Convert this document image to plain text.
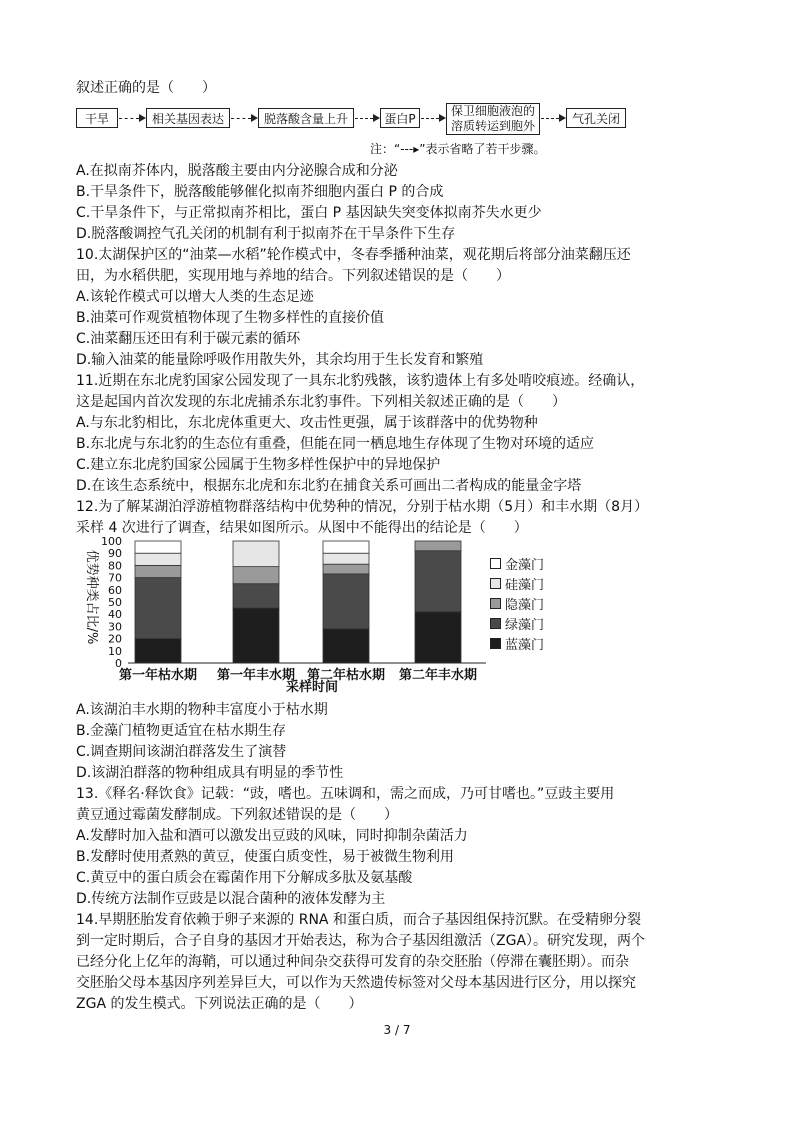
叙述正确的是（　　）
干旱	相关基因表达	脱落酸含量上升	蛋白P
保卫细胞液泡的溶质转运到胞外	气孔关闭
注：“---▸”表示省略了若干步骤。
A.在拟南芥体内，脱落酸主要由内分泌腺合成和分泌
B.干旱条件下，脱落酸能够催化拟南芥细胞内蛋白 P 的合成
C.干旱条件下，与正常拟南芥相比，蛋白 P 基因缺失突变体拟南芥失水更少
D.脱落酸调控气孔关闭的机制有利于拟南芥在干旱条件下生存
10.太湖保护区的“油菜—水稻”轮作模式中，冬春季播种油菜，观花期后将部分油菜翻压还
田，为水稻供肥，实现用地与养地的结合。下列叙述错误的是（　　）
A.该轮作模式可以增大人类的生态足迹
B.油菜可作观赏植物体现了生物多样性的直接价值
C.油菜翻压还田有利于碳元素的循环
D.输入油菜的能量除呼吸作用散失外，其余均用于生长发育和繁殖
11.近期在东北虎豹国家公园发现了一具东北豹残骸，该豹遗体上有多处啃咬痕迹。经确认，
这是起国内首次发现的东北虎捕杀东北豹事件。下列相关叙述正确的是（　　）
A.与东北豹相比，东北虎体重更大、攻击性更强，属于该群落中的优势物种
B.东北虎与东北豹的生态位有重叠，但能在同一栖息地生存体现了生物对环境的适应
C.建立东北虎豹国家公园属于生物多样性保护中的异地保护
D.在该生态系统中，根据东北虎和东北豹在捕食关系可画出二者构成的能量金字塔
12.为了解某湖泊浮游植物群落结构中优势种的情况，分别于枯水期（5月）和丰水期（8月）
采样 4 次进行了调查，结果如图所示。从图中不能得出的结论是（　　）
优势种类占比/%
0
10
20
30
40
50
60
70
80
90
100
第一年枯水期 第一年丰水期 第二年枯水期 第二年丰水期
采样时间
金藻门
硅藻门
隐藻门
绿藻门
蓝藻门
A.该湖泊丰水期的物种丰富度小于枯水期
B.金藻门植物更适宜在枯水期生存
C.调查期间该湖泊群落发生了演替
D.该湖泊群落的物种组成具有明显的季节性
13.《释名·释饮食》记载：“豉，嗜也。五味调和，需之而成，乃可甘嗜也。”豆豉主要用
黄豆通过霉菌发酵制成。下列叙述错误的是（　　）
A.发酵时加入盐和酒可以激发出豆豉的风味，同时抑制杂菌活力
B.发酵时使用煮熟的黄豆，使蛋白质变性，易于被微生物利用
C.黄豆中的蛋白质会在霉菌作用下分解成多肽及氨基酸
D.传统方法制作豆豉是以混合菌种的液体发酵为主
14.早期胚胎发育依赖于卵子来源的 RNA 和蛋白质，而合子基因组保持沉默。在受精卵分裂
到一定时期后，合子自身的基因才开始表达，称为合子基因组激活（ZGA）。研究发现，两个
已经分化上亿年的海鞘，可以通过种间杂交获得可发育的杂交胚胎（停滞在囊胚期）。而杂
交胚胎父母本基因序列差异巨大，可以作为天然遗传标签对父母本基因进行区分，用以探究
ZGA 的发生模式。下列说法正确的是（　　）
3 / 7
